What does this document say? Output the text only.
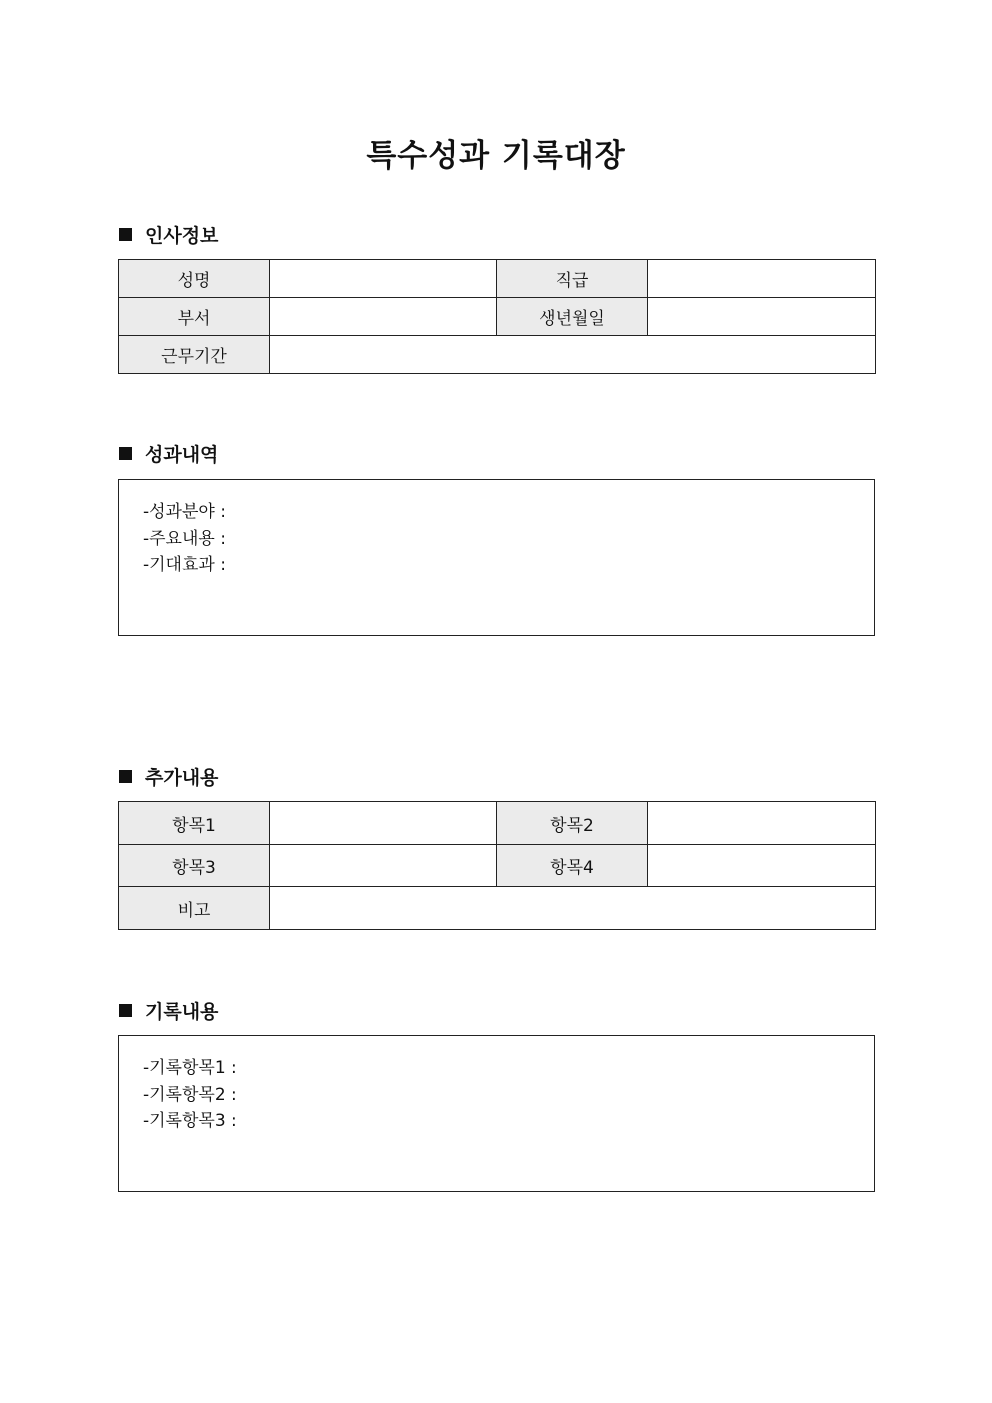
특수성과 기록대장
인사정보
성명		직급	
부서		생년월일	
근무기간			
성과내역
-성과분야 :
-주요내용 :
-기대효과 :
추가내용
항목1		항목2	
항목3		항목4	
비고			
기록내용
-기록항목1 :
-기록항목2 :
-기록항목3 :
